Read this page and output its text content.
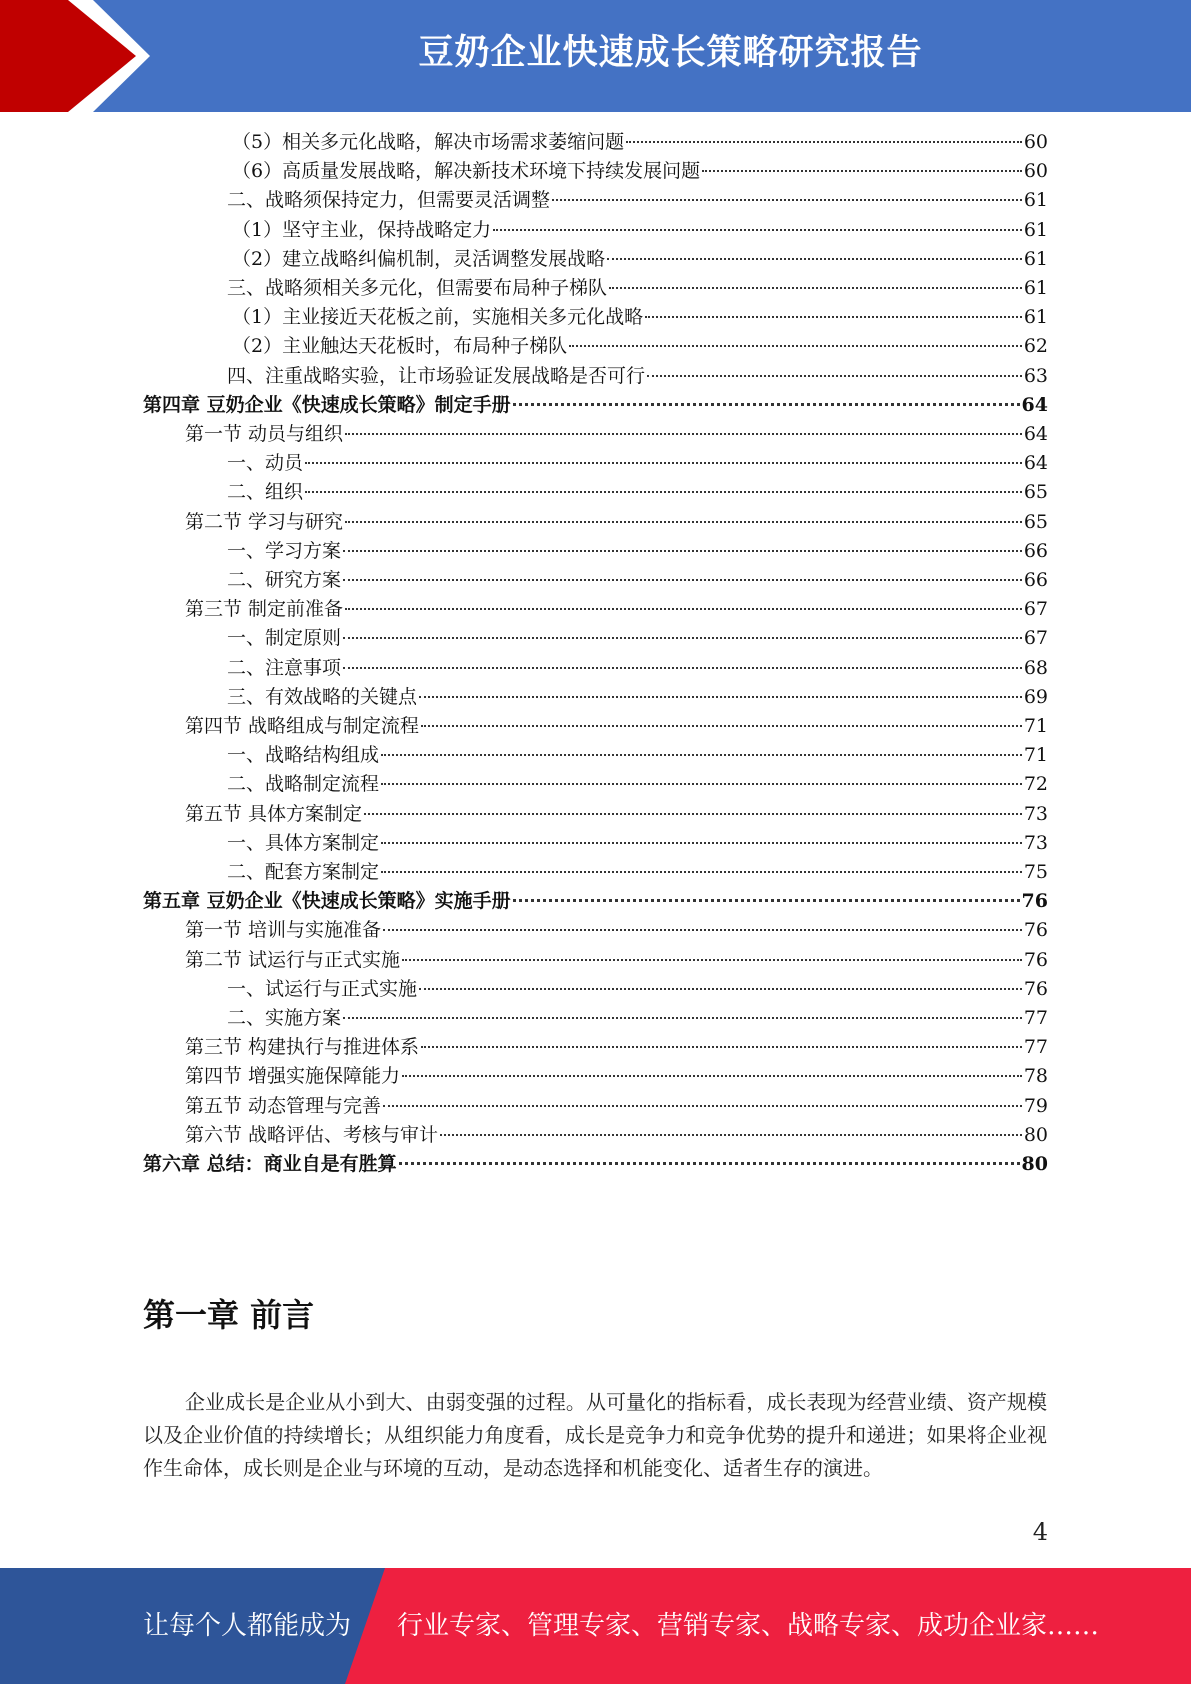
豆奶企业快速成长策略研究报告
（5）相关多元化战略，解决市场需求萎缩问题	60
（6）高质量发展战略，解决新技术环境下持续发展问题	60
二、战略须保持定力，但需要灵活调整	61
（1）坚守主业，保持战略定力	61
（2）建立战略纠偏机制，灵活调整发展战略	61
三、战略须相关多元化，但需要布局种子梯队	61
（1）主业接近天花板之前，实施相关多元化战略	61
（2）主业触达天花板时，布局种子梯队	62
四、注重战略实验，让市场验证发展战略是否可行	63
第四章 豆奶企业《快速成长策略》制定手册	64
第一节 动员与组织	64
一、动员	64
二、组织	65
第二节 学习与研究	65
一、学习方案	66
二、研究方案	66
第三节 制定前准备	67
一、制定原则	67
二、注意事项	68
三、有效战略的关键点	69
第四节 战略组成与制定流程	71
一、战略结构组成	71
二、战略制定流程	72
第五节 具体方案制定	73
一、具体方案制定	73
二、配套方案制定	75
第五章 豆奶企业《快速成长策略》实施手册	76
第一节 培训与实施准备	76
第二节 试运行与正式实施	76
一、试运行与正式实施	76
二、实施方案	77
第三节 构建执行与推进体系	77
第四节 增强实施保障能力	78
第五节 动态管理与完善	79
第六节 战略评估、考核与审计	80
第六章 总结：商业自是有胜算	80
第一章 前言
企业成长是企业从小到大、由弱变强的过程。从可量化的指标看，成长表现为经营业绩、资产规模以及企业价值的持续增长；从组织能力角度看，成长是竞争力和竞争优势的提升和递进；如果将企业视作生命体，成长则是企业与环境的互动，是动态选择和机能变化、适者生存的演进。
4
让每个人都能成为 行业专家、管理专家、营销专家、战略专家、成功企业家……
